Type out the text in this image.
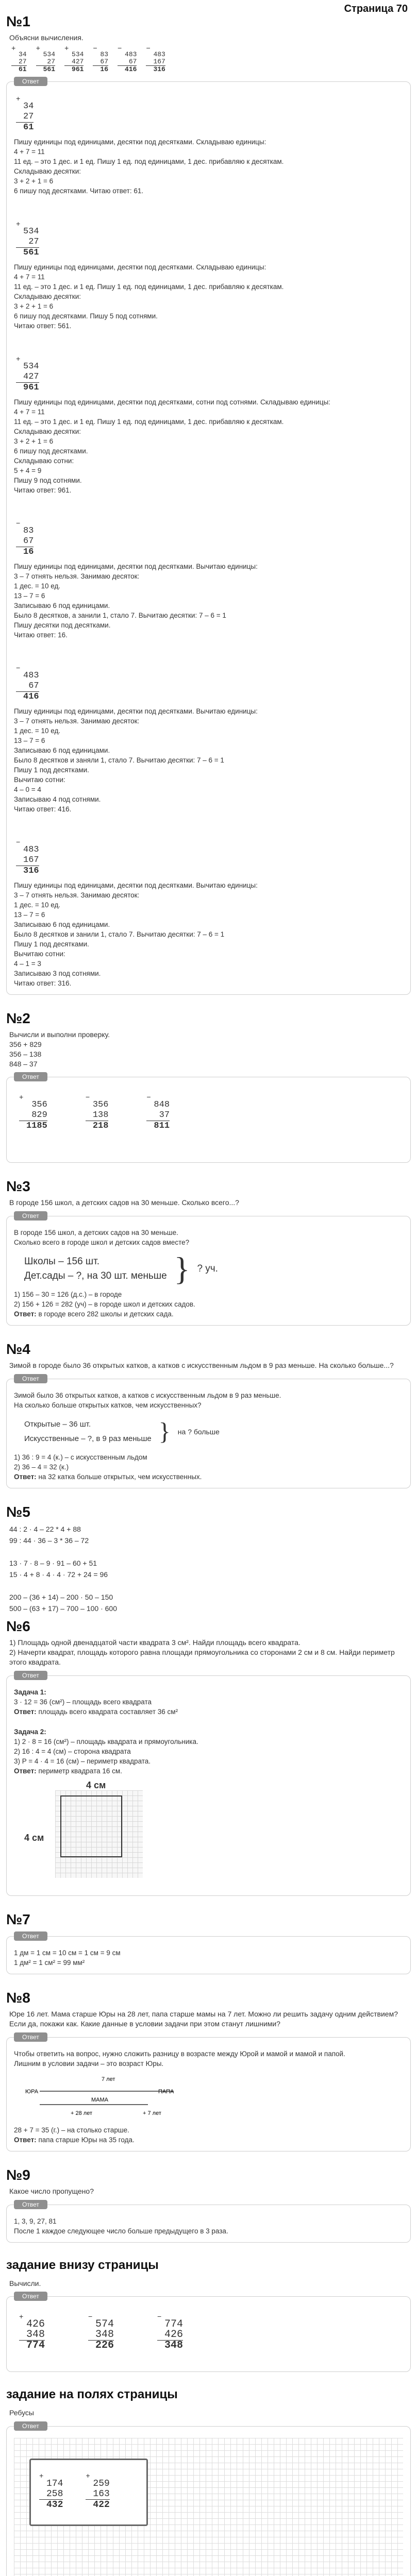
Страница 70
№1
Объясни вычисления.
+
34
27
61
+
534
27
561
+
534
427
961
−
83
67
16
−
483
67
416
−
483
167
316
Ответ
+
34
27
61

Пишу единицы под единицами, десятки под десятками. Складываю единицы:

4 + 7 = 11

11 ед. – это 1 дес. и 1 ед. Пишу 1 ед. под единицами, 1 дес. прибавляю к десяткам.

Складываю десятки:

3 + 2 + 1 = 6

6 пишу под десятками. Читаю ответ: 61.

+
534
27
561

Пишу единицы под единицами, десятки под десятками. Складываю единицы:

4 + 7 = 11

11 ед. – это 1 дес. и 1 ед. Пишу 1 ед. под единицами, 1 дес. прибавляю к десяткам.

Складываю десятки:

3 + 2 + 1 = 6

6 пишу под десятками. Пишу 5 под сотнями.

Читаю ответ: 561.

+
534
427
961

Пишу единицы под единицами, десятки под десятками, сотни под сотнями. Складываю единицы:

4 + 7 = 11

11 ед. – это 1 дес. и 1 ед. Пишу 1 ед. под единицами, 1 дес. прибавляю к десяткам.

Складываю десятки:

3 + 2 + 1 = 6

6 пишу под десятками.

Складываю сотни:

5 + 4 = 9

Пишу 9 под сотнями.

Читаю ответ: 961.

−
83
67
16

Пишу единицы под единицами, десятки под десятками. Вычитаю единицы:

3 – 7 отнять нельзя. Занимаю десяток:

1 дес. = 10 ед.

13 – 7 = 6

Записываю 6 под единицами.

Было 8 десятков, а занили 1, стало 7. Вычитаю десятки: 7 – 6 = 1

Пишу десятки под десятками.

Читаю ответ: 16.

−
483
67
416

Пишу единицы под единицами, десятки под десятками. Вычитаю единицы:

3 – 7 отнять нельзя. Занимаю десяток:

1 дес. = 10 ед.

13 – 7 = 6

Записываю 6 под единицами.

Было 8 десятков и заняли 1, стало 7. Вычитаю десятки: 7 – 6 = 1

Пишу 1 под десятками.

Вычитаю сотни:

4 – 0 = 4

Записываю 4 под сотнями.

Читаю ответ: 416.

−
483
167
316

Пишу единицы под единицами, десятки под десятками. Вычитаю единицы:

3 – 7 отнять нельзя. Занимаю десяток:

1 дес. = 10 ед.

13 – 7 = 6

Записываю 6 под единицами.

Было 8 десятков и занили 1, стало 7. Вычитаю десятки: 7 – 6 = 1

Пишу 1 под десятками.

Вычитаю сотни:

4 – 1 = 3

Записываю 3 под сотнями.

Читаю ответ: 316.

№2
Вычисли и выполни проверку.
356 + 829
356 – 138
848 – 37
Ответ
+
356
829
1185
−
356
138
218
−
848
37
811
№3
В городе 156 школ, а детских садов на 30 меньше. Сколько всего...?
Ответ

В городе 156 школ, а детских садов на 30 меньше.

Сколько всего в городе школ и детских садов вместе?

Школы – 156 шт.
Дет.сады – ?, на 30 шт. меньше } ? уч.

1) 156 – 30 = 126 (д.с.) – в городе

2) 156 + 126 = 282 (уч) – в городе школ и детских садов.

Ответ: в городе всего 282 школы и детских сада.

№4
Зимой в городе было 36 открытых катков, а катков с искусственным льдом в 9 раз меньше. На сколько больше...?
Ответ

Зимой было 36 открытых катков, а катков с искусственным льдом в 9 раз меньше.

На сколько больше открытых катков, чем искусственных?

Открытые – 36 шт.
Искусственные – ?, в 9 раз меньше } на ? больше

1) 36 : 9 = 4 (к.) – с искусственным льдом

2) 36 – 4 = 32 (к.)

Ответ: на 32 катка больше открытых, чем искусственных.

№5
44 : 2 · 4 – 22 * 4 + 88
99 : 44 · 36 – 3 * 36 – 72
13 · 7 · 8 – 9 · 91 – 60 + 51
15 · 4 + 8 · 4 · 4 · 72 + 24 = 96
200 – (36 + 14) – 200 · 50 – 150
500 – (63 + 17) – 700 – 100 · 600
№6
1) Площадь одной двенадцатой части квадрата 3 см². Найди площадь всего квадрата.
2) Начерти квадрат, площадь которого равна площади прямоугольника со сторонами 2 см и 8 см. Найди периметр этого квадрата.
Ответ

Задача 1:

3 · 12 = 36 (см²) – площадь всего квадрата

Ответ: площадь всего квадрата составляет 36 см²

Задача 2:

1) 2 · 8 = 16 (см²) – площадь квадрата и прямоугольника.

2) 16 : 4 = 4 (см) – сторона квадрата

3) P = 4 · 4 = 16 (см) – периметр квадрата.

Ответ: периметр квадрата 16 см.

4 см
4 см
№7
Ответ

1 дм = 1 см = 10 см = 1 см = 9 см

1 дм² = 1 см² = 99 мм²

№8
Юре 16 лет. Мама старше Юры на 28 лет, папа старше мамы на 7 лет. Можно ли решить задачу одним действием? Если да, покажи как. Какие данные в условии задачи при этом станут лишними?
Ответ

Чтобы ответить на вопрос, нужно сложить разницу в возрасте между Юрой и мамой и мамой и папой.

Лишним в условии задачи – это возраст Юры.

ЮРА
7 лет
ПАПА
МАМА
+ 28 лет	+ 7 лет

28 + 7 = 35 (г.) – на столько старше.

Ответ: папа старше Юры на 35 года.

№9
Какое число пропущено?
Ответ

1, 3, 9, 27, 81

После 1 каждое следующее число больше предыдущего в 3 раза.

задание внизу страницы
Вычисли.
Ответ
+
426
348
774
−
574
348
226
−
774
426
348
задание на полях страницы
Ребусы
Ответ
+
174
258
432
+
259
163
422
